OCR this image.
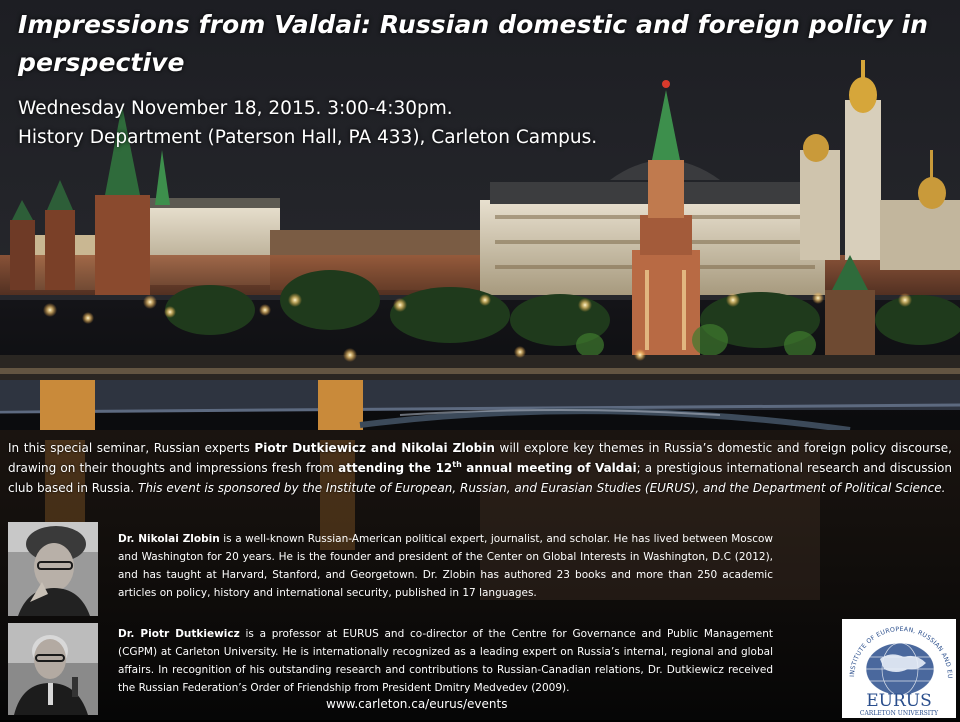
Impressions from Valdai: Russian domestic and foreign policy in perspective
Wednesday November 18, 2015. 3:00-4:30pm.
History Department (Paterson Hall, PA 433), Carleton Campus.

In this special seminar, Russian experts Piotr Dutkiewicz and Nikolai Zlobin will explore key themes in Russia’s domestic and foreign policy discourse, drawing on their thoughts and impressions fresh from attending the 12th annual meeting of Valdai; a prestigious international research and discussion club based in Russia. This event is sponsored by the Institute of European, Russian, and Eurasian Studies (EURUS), and the Department of Political Science.

Dr. Nikolai Zlobin is a well-known Russian-American political expert, journalist, and scholar. He has lived between Moscow and Washington for 20 years. He is the founder and president of the Center on Global Interests in Washington, D.C (2012), and has taught at Harvard, Stanford, and Georgetown. Dr. Zlobin has authored 23 books and more than 250 academic articles on policy, history and international security, published in 17 languages.

Dr. Piotr Dutkiewicz is a professor at EURUS and co-director of the Centre for Governance and Public Management (CGPM) at Carleton University. He is internationally recognized as a leading expert on Russia’s internal, regional and global affairs. In recognition of his outstanding research and contributions to Russian-Canadian relations, Dr. Dutkiewicz received the Russian Federation’s Order of Friendship from President Dmitry Medvedev (2009).

www.carleton.ca/eurus/events
INSTITUTE OF EUROPEAN, RUSSIAN AND EU
EURUS
CARLETON UNIVERSITY
